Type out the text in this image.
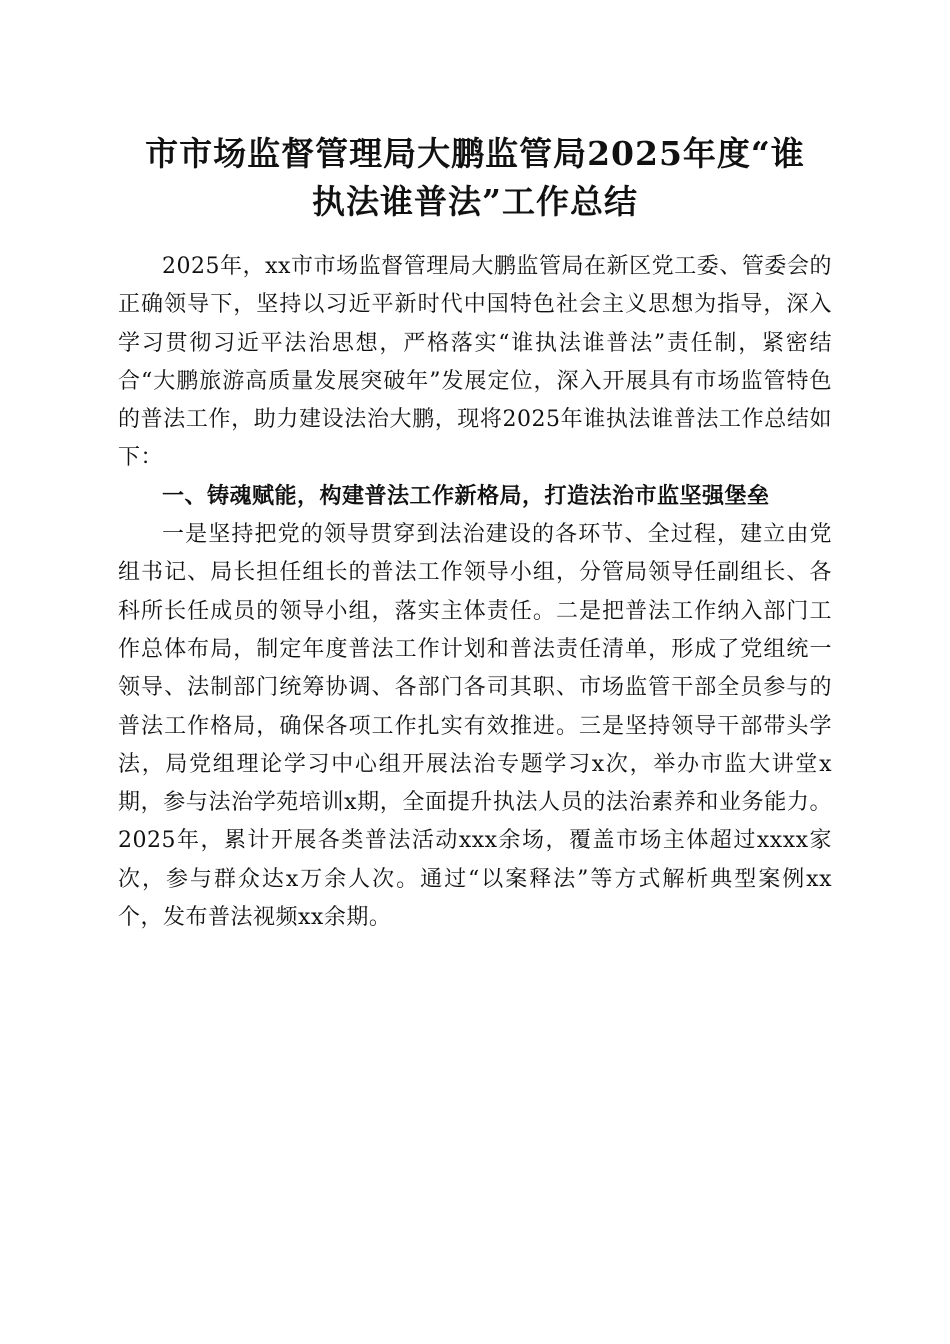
市市场监督管理局大鹏监管局2025年度“谁
执法谁普法”工作总结

2025年，xx市市场监督管理局大鹏监管局在新区党工委、管委会的正确领导下，坚持以习近平新时代中国特色社会主义思想为指导，深入学习贯彻习近平法治思想，严格落实“谁执法谁普法”责任制，紧密结合“大鹏旅游高质量发展突破年”发展定位，深入开展具有市场监管特色的普法工作，助力建设法治大鹏，现将2025年谁执法谁普法工作总结如下：

一、铸魂赋能，构建普法工作新格局，打造法治市监坚强堡垒

一是坚持把党的领导贯穿到法治建设的各环节、全过程，建立由党组书记、局长担任组长的普法工作领导小组，分管局领导任副组长、各科所长任成员的领导小组，落实主体责任。二是把普法工作纳入部门工作总体布局，制定年度普法工作计划和普法责任清单，形成了党组统一领导、法制部门统筹协调、各部门各司其职、市场监管干部全员参与的普法工作格局，确保各项工作扎实有效推进。三是坚持领导干部带头学法，局党组理论学习中心组开展法治专题学习x次，举办市监大讲堂x期，参与法治学苑培训x期，全面提升执法人员的法治素养和业务能力。2025年，累计开展各类普法活动xxx余场，覆盖市场主体超过xxxx家次，参与群众达x万余人次。通过“以案释法”等方式解析典型案例xx个，发布普法视频xx余期。
